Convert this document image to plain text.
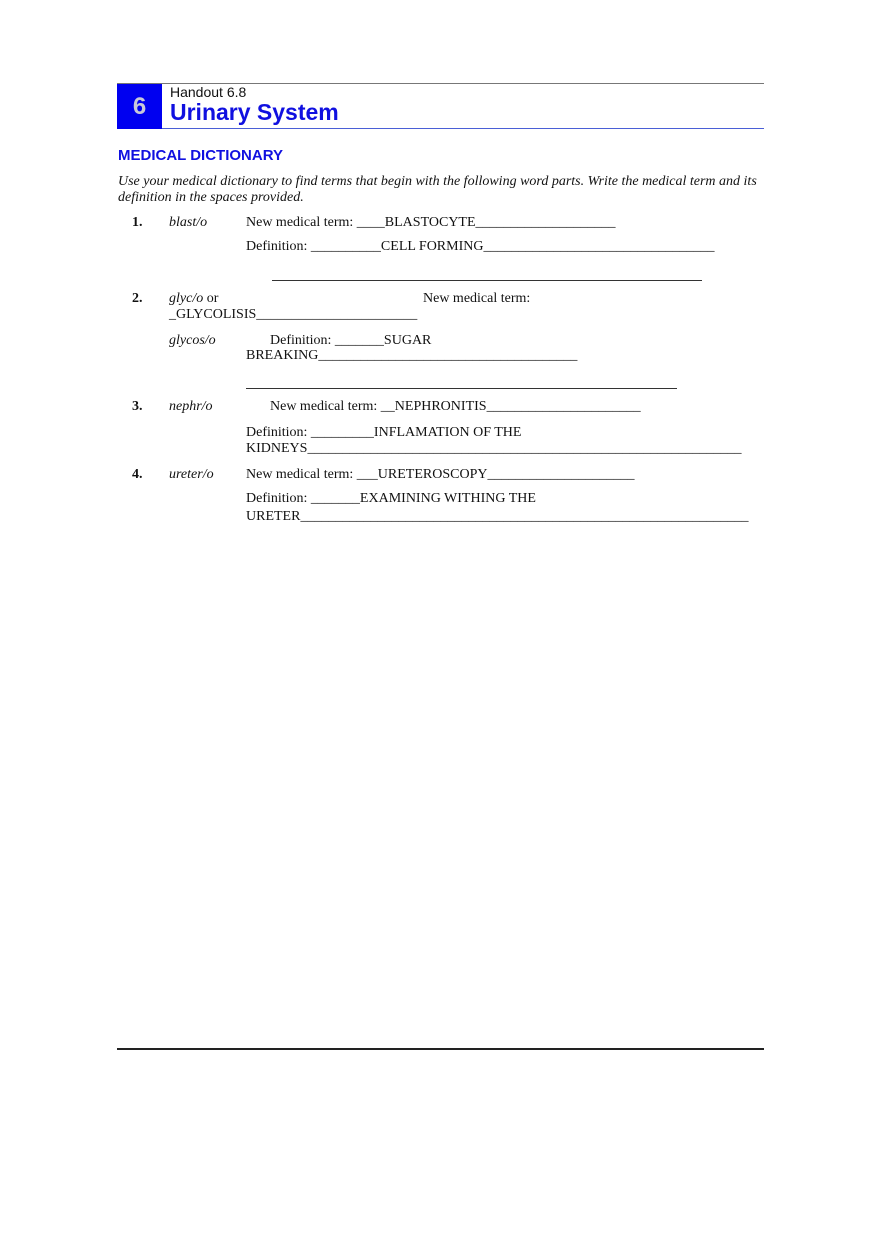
6
Handout 6.8
Urinary System
MEDICAL DICTIONARY
Use your medical dictionary to find terms that begin with the following word parts. Write the medical term and its definition in the spaces provided.
1. blast/o	New medical term: ____BLASTOCYTE____________________
Definition: __________CELL FORMING_________________________________
2. glyc/o or	New medical term:
_GLYCOLISIS_______________________
glycos/o	Definition: _______SUGAR
BREAKING_____________________________________
3. nephr/o	New medical term: __NEPHRONITIS______________________
Definition: _________INFLAMATION OF THE
KIDNEYS______________________________________________________________
4. ureter/o New medical term: ___URETEROSCOPY_____________________
Definition: _______EXAMINING WITHING THE
URETER________________________________________________________________
